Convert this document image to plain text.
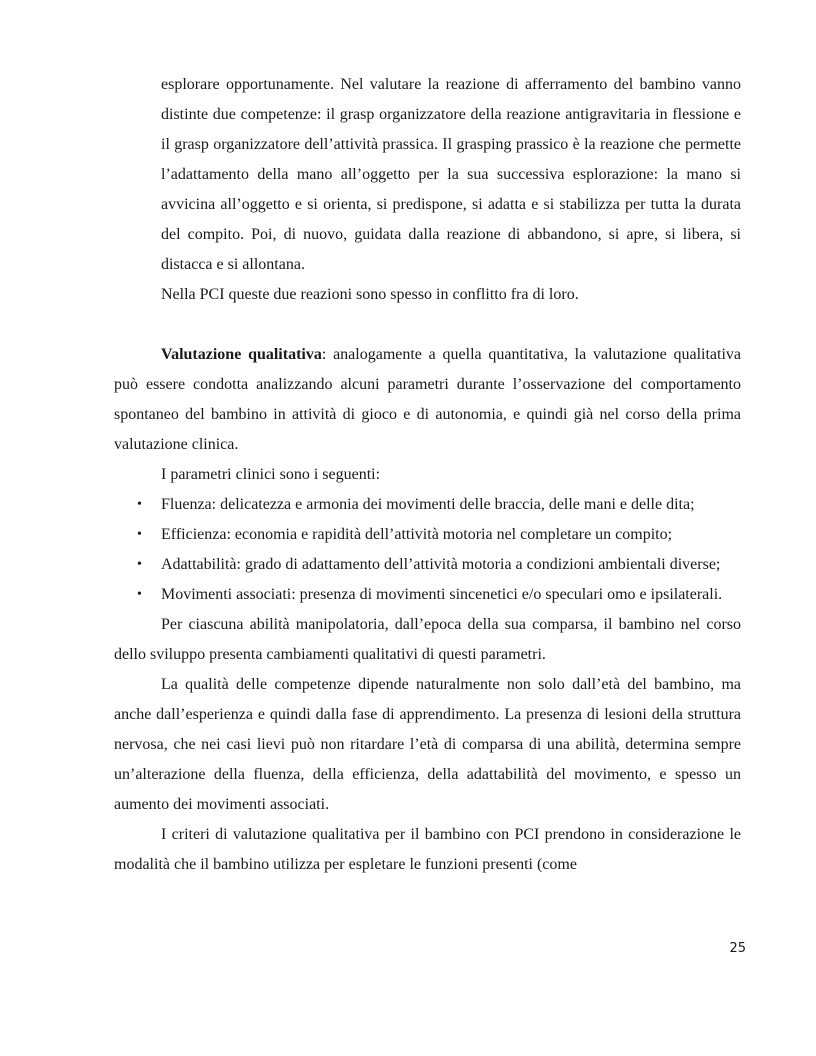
esplorare opportunamente. Nel valutare la reazione di afferramento del bambino vanno distinte due competenze: il grasp organizzatore della reazione antigravitaria in flessione e il grasp organizzatore dell’attività prassica. Il grasping prassico è la reazione che permette l’adattamento della mano all’oggetto per la sua successiva esplorazione: la mano si avvicina all’oggetto e si orienta, si predispone, si adatta e si stabilizza per tutta la durata del compito. Poi, di nuovo, guidata dalla reazione di abbandono, si apre, si libera, si distacca e si allontana.

Nella PCI queste due reazioni sono spesso in conflitto fra di loro.

Valutazione qualitativa: analogamente a quella quantitativa, la valutazione qualitativa può essere condotta analizzando alcuni parametri durante l’osservazione del comportamento spontaneo del bambino in attività di gioco e di autonomia, e quindi già nel corso della prima valutazione clinica.

I parametri clinici sono i seguenti:

• Fluenza: delicatezza e armonia dei movimenti delle braccia, delle mani e delle dita;
• Efficienza: economia e rapidità dell’attività motoria nel completare un compito;
• Adattabilità: grado di adattamento dell’attività motoria a condizioni ambientali diverse;
• Movimenti associati: presenza di movimenti sincenetici e/o speculari omo e ipsilaterali.

Per ciascuna abilità manipolatoria, dall’epoca della sua comparsa, il bambino nel corso dello sviluppo presenta cambiamenti qualitativi di questi parametri.

La qualità delle competenze dipende naturalmente non solo dall’età del bambino, ma anche dall’esperienza e quindi dalla fase di apprendimento. La presenza di lesioni della struttura nervosa, che nei casi lievi può non ritardare l’età di comparsa di una abilità, determina sempre un’alterazione della fluenza, della efficienza, della adattabilità del movimento, e spesso un aumento dei movimenti associati.

I criteri di valutazione qualitativa per il bambino con PCI prendono in considerazione le modalità che il bambino utilizza per espletare le funzioni presenti (come

25
